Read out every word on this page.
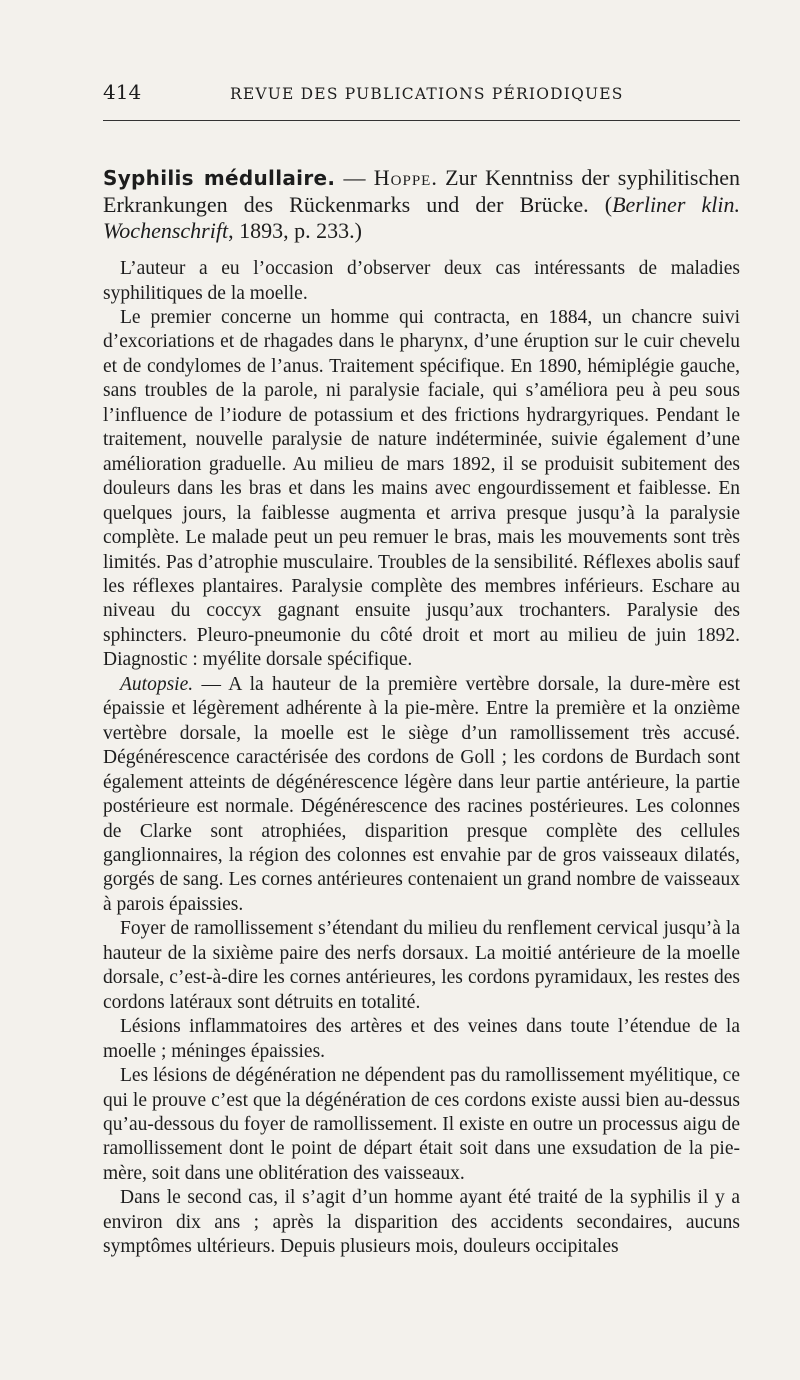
414	REVUE DES PUBLICATIONS PÉRIODIQUES

Syphilis médullaire. — Hoppe. Zur Kenntniss der syphilitischen Erkrankungen des Rückenmarks und der Brücke. (Berliner klin. Wochenschrift, 1893, p. 233.)

L’auteur a eu l’occasion d’observer deux cas intéressants de maladies syphilitiques de la moelle.

Le premier concerne un homme qui contracta, en 1884, un chancre suivi d’excoriations et de rhagades dans le pharynx, d’une éruption sur le cuir chevelu et de condylomes de l’anus. Traitement spécifique. En 1890, hémiplégie gauche, sans troubles de la parole, ni paralysie faciale, qui s’améliora peu à peu sous l’influence de l’iodure de potassium et des frictions hydrargyriques. Pendant le traitement, nouvelle paralysie de nature indéterminée, suivie également d’une amélioration graduelle. Au milieu de mars 1892, il se produisit subitement des douleurs dans les bras et dans les mains avec engourdissement et faiblesse. En quelques jours, la faiblesse augmenta et arriva presque jusqu’à la paralysie complète. Le malade peut un peu remuer le bras, mais les mouvements sont très limités. Pas d’atrophie musculaire. Troubles de la sensibilité. Réflexes abolis sauf les réflexes plantaires. Paralysie complète des membres inférieurs. Eschare au niveau du coccyx gagnant ensuite jusqu’aux trochanters. Paralysie des sphincters. Pleuro-pneumonie du côté droit et mort au milieu de juin 1892. Diagnostic : myélite dorsale spécifique.

Autopsie. — A la hauteur de la première vertèbre dorsale, la dure-mère est épaissie et légèrement adhérente à la pie-mère. Entre la première et la onzième vertèbre dorsale, la moelle est le siège d’un ramollissement très accusé. Dégénérescence caractérisée des cordons de Goll ; les cordons de Burdach sont également atteints de dégénérescence légère dans leur partie antérieure, la partie postérieure est normale. Dégénérescence des racines postérieures. Les colonnes de Clarke sont atrophiées, disparition presque complète des cellules ganglionnaires, la région des colonnes est envahie par de gros vaisseaux dilatés, gorgés de sang. Les cornes antérieures contenaient un grand nombre de vaisseaux à parois épaissies.

Foyer de ramollissement s’étendant du milieu du renflement cervical jusqu’à la hauteur de la sixième paire des nerfs dorsaux. La moitié antérieure de la moelle dorsale, c’est-à-dire les cornes antérieures, les cordons pyramidaux, les restes des cordons latéraux sont détruits en totalité.

Lésions inflammatoires des artères et des veines dans toute l’étendue de la moelle ; méninges épaissies.

Les lésions de dégénération ne dépendent pas du ramollissement myélitique, ce qui le prouve c’est que la dégénération de ces cordons existe aussi bien au-dessus qu’au-dessous du foyer de ramollissement. Il existe en outre un processus aigu de ramollissement dont le point de départ était soit dans une exsudation de la pie-mère, soit dans une oblitération des vaisseaux.

Dans le second cas, il s’agit d’un homme ayant été traité de la syphilis il y a environ dix ans ; après la disparition des accidents secondaires, aucuns symptômes ultérieurs. Depuis plusieurs mois, douleurs occipitales
